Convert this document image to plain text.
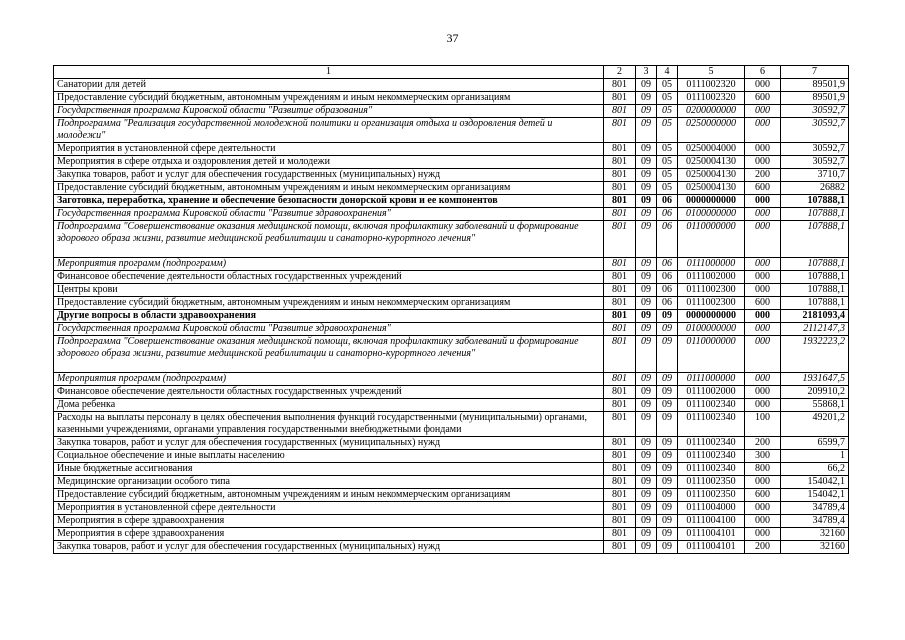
37
1	2	3	4	5	6	7
Санатории для детей	801	09	05	0111002320	000	89501,9
Предоставление субсидий бюджетным, автономным учреждениям и иным некоммерческим организациям	801	09	05	0111002320	600	89501,9
Государственная программа Кировской области "Развитие образования"	801	09	05	0200000000	000	30592,7
Подпрограмма "Реализация государственной молодежной политики и организация отдыха и оздоровления детей и молодежи"	801	09	05	0250000000	000	30592,7
Мероприятия в установленной сфере деятельности	801	09	05	0250004000	000	30592,7
Мероприятия в сфере отдыха и оздоровления детей и молодежи	801	09	05	0250004130	000	30592,7
Закупка товаров, работ и услуг для обеспечения государственных (муниципальных) нужд	801	09	05	0250004130	200	3710,7
Предоставление субсидий бюджетным, автономным учреждениям и иным некоммерческим организациям	801	09	05	0250004130	600	26882
Заготовка, переработка, хранение и обеспечение безопасности донорской крови и ее компонентов	801	09	06	0000000000	000	107888,1
Государственная программа Кировской области "Развитие здравоохранения"	801	09	06	0100000000	000	107888,1
Подпрограмма "Совершенствование оказания медицинской помощи, включая профилактику заболеваний и формирование здорового образа жизни, развитие медицинской реабилитации и санаторно-курортного лечения"	801	09	06	0110000000	000	107888,1
Мероприятия программ (подпрограмм)	801	09	06	0111000000	000	107888,1
Финансовое обеспечение деятельности областных государственных учреждений	801	09	06	0111002000	000	107888,1
Центры крови	801	09	06	0111002300	000	107888,1
Предоставление субсидий бюджетным, автономным учреждениям и иным некоммерческим организациям	801	09	06	0111002300	600	107888,1
Другие вопросы в области здравоохранения	801	09	09	0000000000	000	2181093,4
Государственная программа Кировской области "Развитие здравоохранения"	801	09	09	0100000000	000	2112147,3
Подпрограмма "Совершенствование оказания медицинской помощи, включая профилактику заболеваний и формирование здорового образа жизни, развитие медицинской реабилитации и санаторно-курортного лечения"	801	09	09	0110000000	000	1932223,2
Мероприятия программ (подпрограмм)	801	09	09	0111000000	000	1931647,5
Финансовое обеспечение деятельности областных государственных учреждений	801	09	09	0111002000	000	209910,2
Дома ребенка	801	09	09	0111002340	000	55868,1
Расходы на выплаты персоналу в целях обеспечения выполнения функций государственными (муниципальными) органами, казенными учреждениями, органами управления государственными внебюджетными фондами	801	09	09	0111002340	100	49201,2
Закупка товаров, работ и услуг для обеспечения государственных (муниципальных) нужд	801	09	09	0111002340	200	6599,7
Социальное обеспечение и иные выплаты населению	801	09	09	0111002340	300	1
Иные бюджетные ассигнования	801	09	09	0111002340	800	66,2
Медицинские организации особого типа	801	09	09	0111002350	000	154042,1
Предоставление субсидий бюджетным, автономным учреждениям и иным некоммерческим организациям	801	09	09	0111002350	600	154042,1
Мероприятия в установленной сфере деятельности	801	09	09	0111004000	000	34789,4
Мероприятия в сфере здравоохранения	801	09	09	0111004100	000	34789,4
Мероприятия в сфере здравоохранения	801	09	09	0111004101	000	32160
Закупка товаров, работ и услуг для обеспечения государственных (муниципальных) нужд	801	09	09	0111004101	200	32160
